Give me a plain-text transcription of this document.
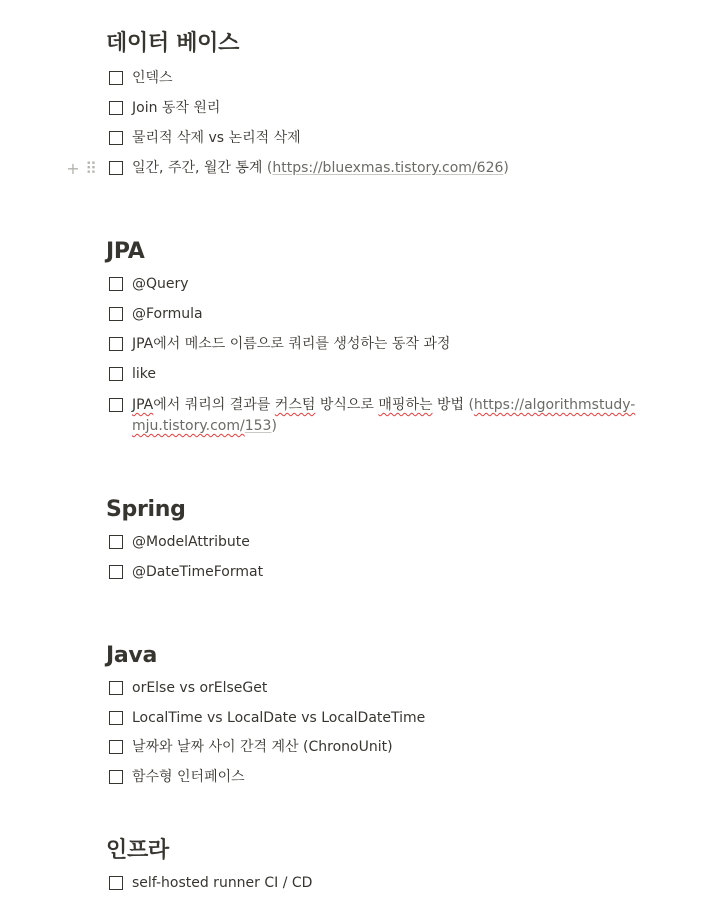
데이터 베이스
인덱스
Join 동작 원리
물리적 삭제 vs 논리적 삭제
+ ⠿	일간, 주간, 월간 통계 (https://bluexmas.tistory.com/626)
JPA
@Query
@Formula
JPA에서 메소드 이름으로 쿼리를 생성하는 동작 과정
like
JPA에서 쿼리의 결과를 커스텀 방식으로 매핑하는 방법 (https://algorithmstudy-mju.tistory.com/153)
Spring
@ModelAttribute
@DateTimeFormat
Java
orElse vs orElseGet
LocalTime vs LocalDate vs LocalDateTime
날짜와 날짜 사이 간격 계산 (ChronoUnit)
함수형 인터페이스
인프라
self-hosted runner CI / CD
